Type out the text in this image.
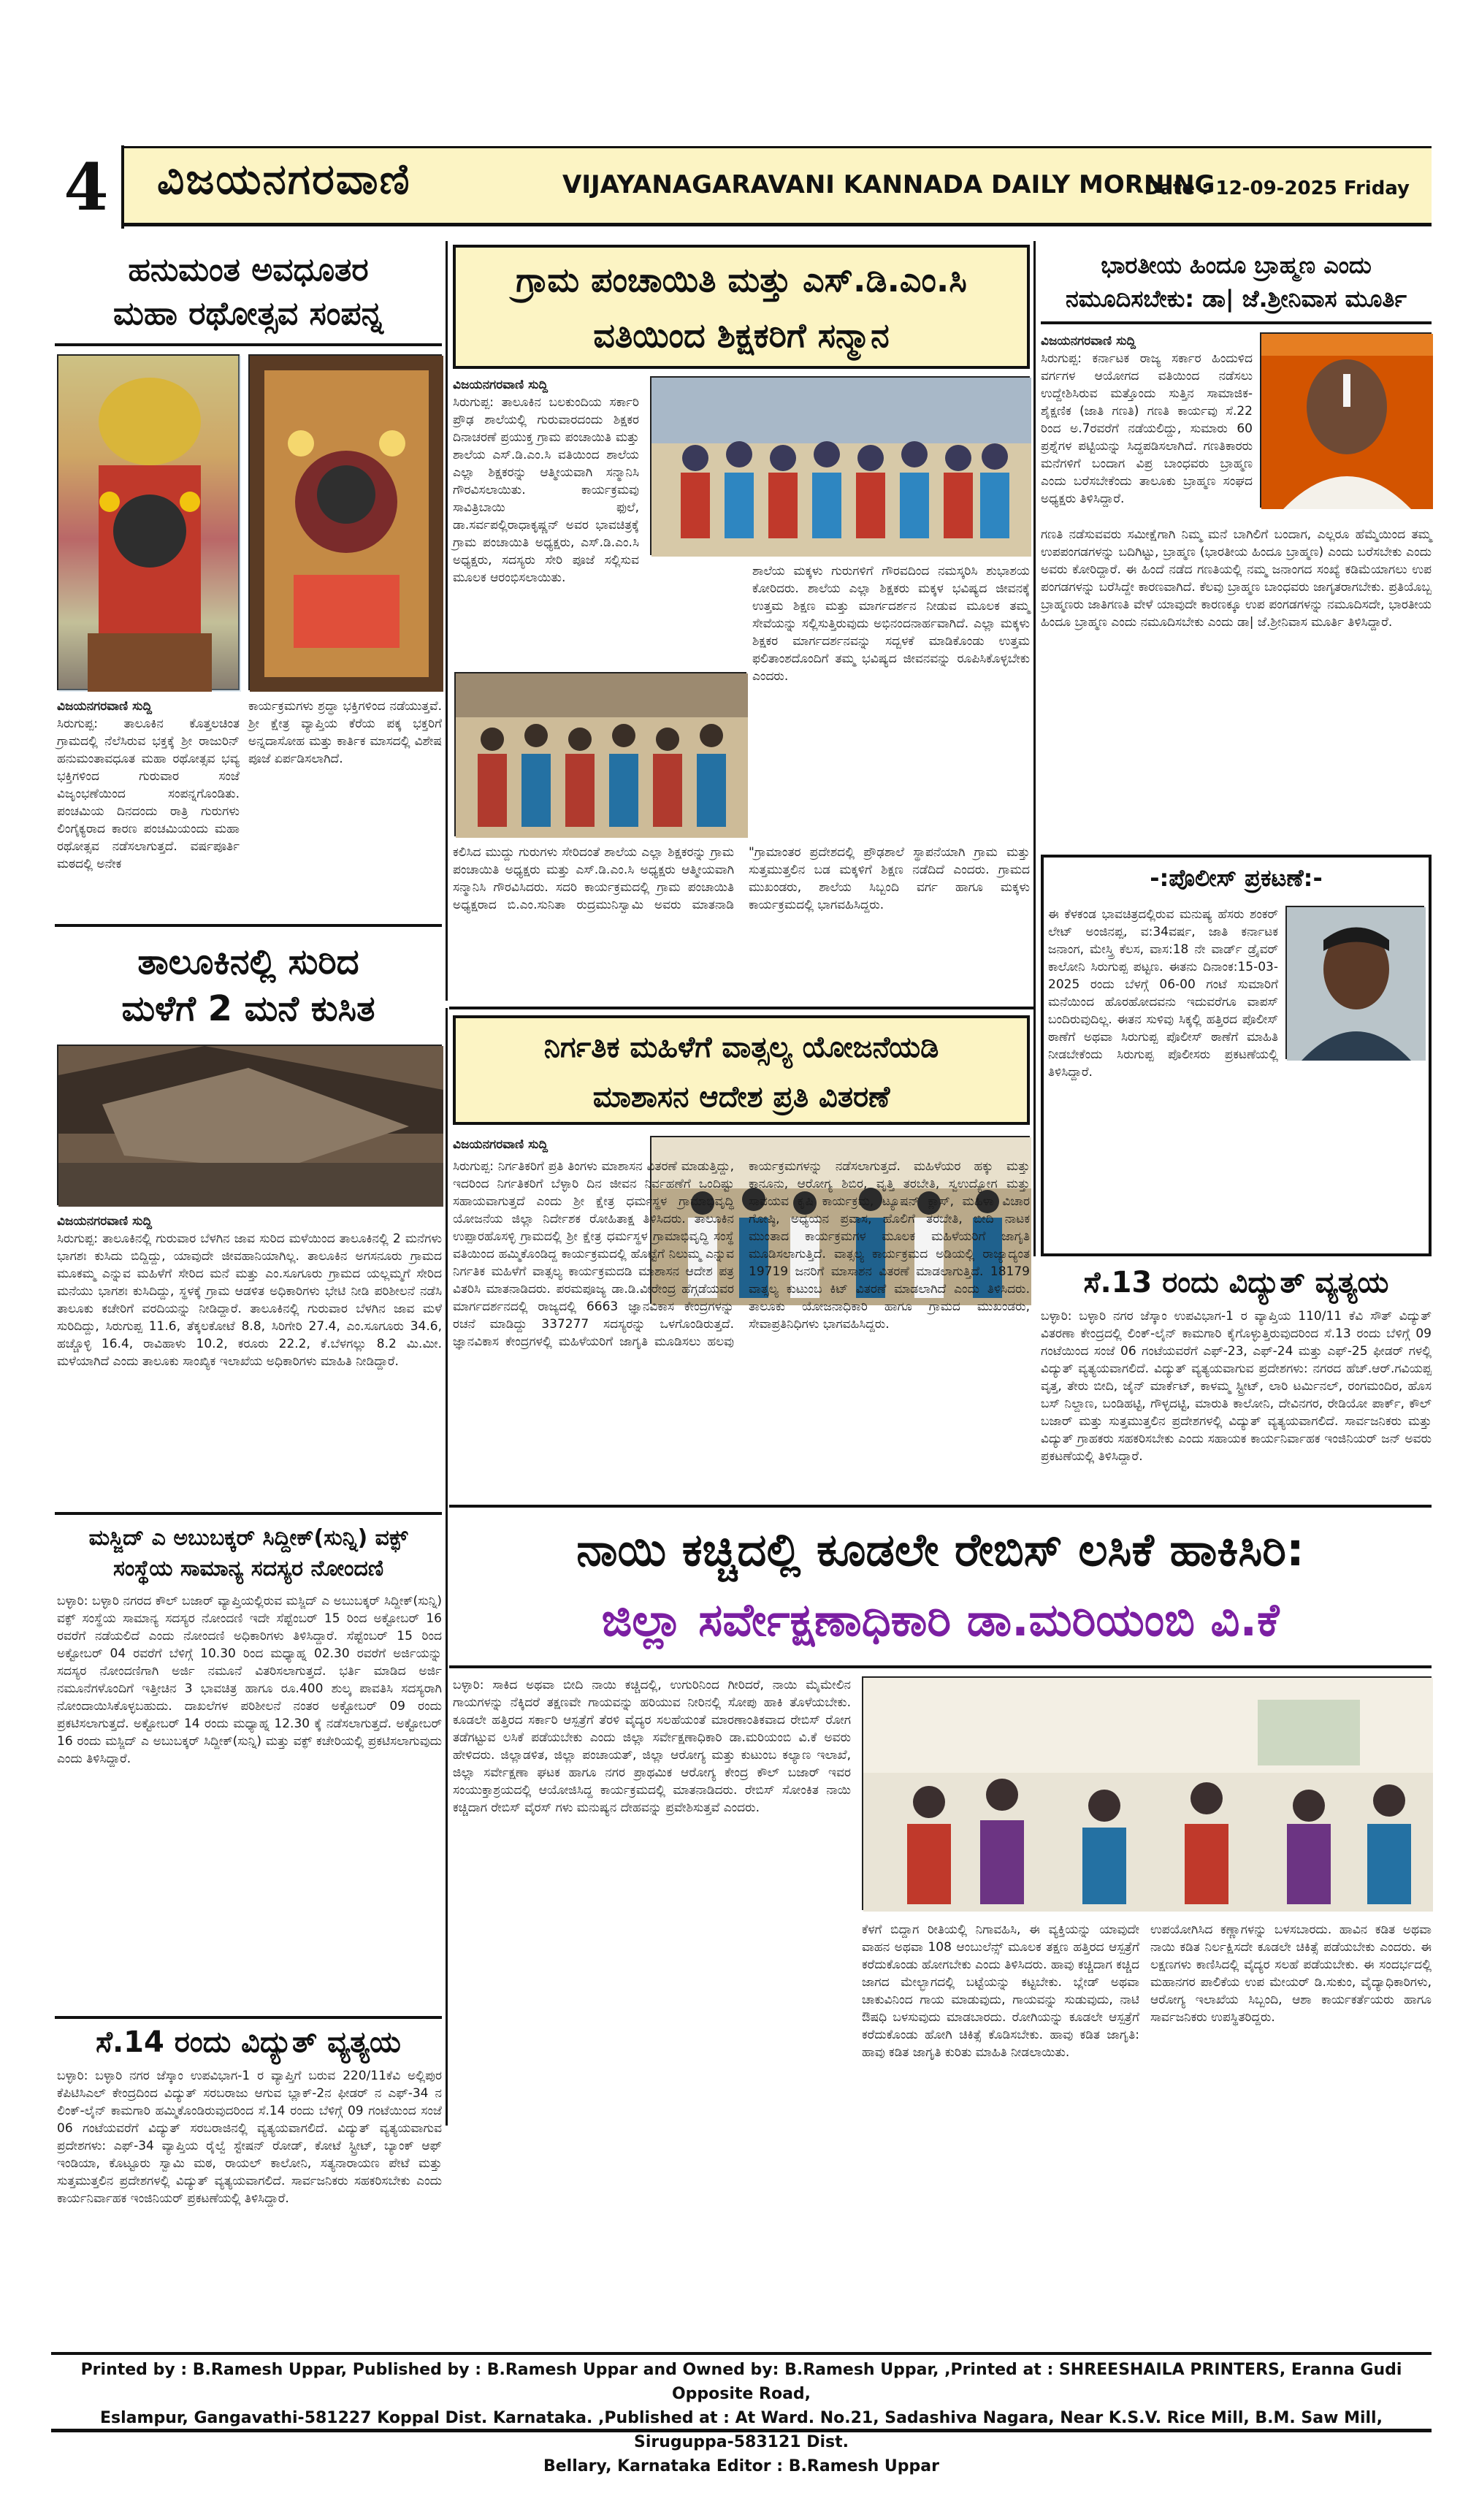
4	ವಿಜಯನಗರವಾಣಿ	VIJAYANAGARAVANI KANNADA DAILY MORNING
Date : 12-09-2025 Friday
ಹನುಮಂತ ಅವಧೂತರ
ಮಹಾ ರಥೋತ್ಸವ ಸಂಪನ್ನ
ಕಾರ್ಯಕ್ರಮಗಳು ಶ್ರದ್ಧಾ ಭಕ್ತಿಗಳಿಂದ ನಡೆಯುತ್ತವೆ. ಶ್ರೀ ಕ್ಷೇತ್ರ ವ್ಯಾಪ್ತಿಯ ಕೆರೆಯ ಪಕ್ಕ ಭಕ್ತರಿಗೆ ಅನ್ನದಾಸೋಹ ಮತ್ತು ಕಾರ್ತಿಕ ಮಾಸದಲ್ಲಿ ವಿಶೇಷ ಪೂಜೆ ಏರ್ಪಡಿಸಲಾಗಿದೆ.
ವಿಜಯನಗರವಾಣಿ ಸುದ್ದಿ
ಸಿರುಗುಪ್ಪ: ತಾಲೂಕಿನ ಕೊತ್ತಲಚಿಂತ ಗ್ರಾಮದಲ್ಲಿ ನೆಲೆಸಿರುವ ಭಕ್ತಕ್ಕೆ ಶ್ರೀ ರಾಜುರಿನ್ ಹನುಮಂತಾವಧೂತ ಮಹಾ ರಥೋತ್ಸವ ಭವ್ಯ ಭಕ್ತಿಗಳಿಂದ ಗುರುವಾರ ಸಂಜೆ ವಿಜೃಂಭಣೆಯಿಂದ ಸಂಪನ್ನಗೊಂಡಿತು. ಪಂಚಮಿಯ ದಿನದಂದು ರಾತ್ರಿ ಗುರುಗಳು ಲಿಂಗೈಕ್ಯರಾದ ಕಾರಣ ಪಂಚಮಿಯಂದು ಮಹಾ ರಥೋತ್ಸವ ನಡೆಸಲಾಗುತ್ತದೆ. ವರ್ಷಪೂರ್ತಿ ಮಠದಲ್ಲಿ ಅನೇಕ
ತಾಲೂಕಿನಲ್ಲಿ ಸುರಿದ
ಮಳೆಗೆ 2 ಮನೆ ಕುಸಿತ
ವಿಜಯನಗರವಾಣಿ ಸುದ್ದಿ
ಸಿರುಗುಪ್ಪ: ತಾಲೂಕಿನಲ್ಲಿ ಗುರುವಾರ ಬೆಳಗಿನ ಜಾವ ಸುರಿದ ಮಳೆಯಿಂದ ತಾಲೂಕಿನಲ್ಲಿ 2 ಮನೆಗಳು ಭಾಗಶಃ ಕುಸಿದು ಬಿದ್ದಿದ್ದು, ಯಾವುದೇ ಜೀವಹಾನಿಯಾಗಿಲ್ಲ. ತಾಲೂಕಿನ ಅಗಸನೂರು ಗ್ರಾಮದ ಮೂಕಮ್ಮ ಎನ್ನುವ ಮಹಿಳೆಗೆ ಸೇರಿದ ಮನೆ ಮತ್ತು ಎಂ.ಸೂಗೂರು ಗ್ರಾಮದ ಯಲ್ಲಮ್ಮಗೆ ಸೇರಿದ ಮನೆಯು ಭಾಗಶಃ ಕುಸಿದಿದ್ದು, ಸ್ಥಳಕ್ಕೆ ಗ್ರಾಮ ಆಡಳಿತ ಅಧಿಕಾರಿಗಳು ಭೇಟಿ ನೀಡಿ ಪರಿಶೀಲನೆ ನಡೆಸಿ ತಾಲೂಕು ಕಚೇರಿಗೆ ವರದಿಯನ್ನು ನೀಡಿದ್ದಾರೆ. ತಾಲೂಕಿನಲ್ಲಿ ಗುರುವಾರ ಬೆಳಗಿನ ಜಾವ ಮಳೆ ಸುರಿದಿದ್ದು, ಸಿರುಗುಪ್ಪ 11.6, ತೆಕ್ಕಲಕೋಟೆ 8.8, ಸಿರಿಗೇರಿ 27.4, ಎಂ.ಸೂಗೂರು 34.6, ಹಚ್ಚೊಳ್ಳಿ 16.4, ರಾವಿಹಾಳು 10.2, ಕರೂರು 22.2, ಕೆ.ಬೆಳಗಲ್ಲು 8.2 ಮಿ.ಮೀ. ಮಳೆಯಾಗಿದೆ ಎಂದು ತಾಲೂಕು ಸಾಂಖ್ಯಿಕ ಇಲಾಖೆಯ ಅಧಿಕಾರಿಗಳು ಮಾಹಿತಿ ನೀಡಿದ್ದಾರೆ.
ಮಸ್ಜಿದ್ ಎ ಅಬುಬಕ್ಕರ್ ಸಿದ್ದೀಕ್(ಸುನ್ನಿ) ವಕ್ಫ್
ಸಂಸ್ಥೆಯ ಸಾಮಾನ್ಯ ಸದಸ್ಯರ ನೋಂದಣಿ
ಬಳ್ಳಾರಿ: ಬಳ್ಳಾರಿ ನಗರದ ಕೌಲ್ ಬಜಾರ್ ವ್ಯಾಪ್ತಿಯಲ್ಲಿರುವ ಮಸ್ಜಿದ್ ಎ ಅಬುಬಕ್ಕರ್ ಸಿದ್ದೀಕ್(ಸುನ್ನಿ) ವಕ್ಫ್ ಸಂಸ್ಥೆಯ ಸಾಮಾನ್ಯ ಸದಸ್ಯರ ನೋಂದಣಿ ಇದೇ ಸೆಪ್ಟೆಂಬರ್ 15 ರಿಂದ ಅಕ್ಟೋಬರ್ 16 ರವರೆಗೆ ನಡೆಯಲಿದೆ ಎಂದು ನೋಂದಣಿ ಅಧಿಕಾರಿಗಳು ತಿಳಿಸಿದ್ದಾರೆ. ಸೆಪ್ಟೆಂಬರ್ 15 ರಿಂದ ಅಕ್ಟೋಬರ್ 04 ರವರೆಗೆ ಬೆಳಿಗ್ಗೆ 10.30 ರಿಂದ ಮಧ್ಯಾಹ್ನ 02.30 ರವರೆಗೆ ಅರ್ಜಿಯನ್ನು ಸದಸ್ಯರ ನೋಂದಣಿಗಾಗಿ ಅರ್ಜಿ ನಮೂನೆ ವಿತರಿಸಲಾಗುತ್ತದೆ. ಭರ್ತಿ ಮಾಡಿದ ಅರ್ಜಿ ನಮೂನೆಗಳೊಂದಿಗೆ ಇತ್ತೀಚಿನ 3 ಭಾವಚಿತ್ರ ಹಾಗೂ ರೂ.400 ಶುಲ್ಕ ಪಾವತಿಸಿ ಸದಸ್ಯರಾಗಿ ನೋಂದಾಯಿಸಿಕೊಳ್ಳಬಹುದು. ದಾಖಲೆಗಳ ಪರಿಶೀಲನೆ ನಂತರ ಅಕ್ಟೋಬರ್ 09 ರಂದು ಪ್ರಕಟಿಸಲಾಗುತ್ತದೆ. ಅಕ್ಟೋಬರ್ 14 ರಂದು ಮಧ್ಯಾಹ್ನ 12.30 ಕ್ಕೆ ನಡೆಸಲಾಗುತ್ತದೆ. ಅಕ್ಟೋಬರ್ 16 ರಂದು ಮಸ್ಜಿದ್ ಎ ಅಬುಬಕ್ಕರ್ ಸಿದ್ದೀಕ್(ಸುನ್ನಿ) ಮತ್ತು ವಕ್ಫ್ ಕಚೇರಿಯಲ್ಲಿ ಪ್ರಕಟಿಸಲಾಗುವುದು ಎಂದು ತಿಳಿಸಿದ್ದಾರೆ.
ಸೆ.14 ರಂದು ವಿದ್ಯುತ್ ವ್ಯತ್ಯಯ
ಬಳ್ಳಾರಿ: ಬಳ್ಳಾರಿ ನಗರ ಜೆಸ್ಕಾಂ ಉಪವಿಭಾಗ-1 ರ ವ್ಯಾಪ್ತಿಗೆ ಬರುವ 220/11ಕೆವಿ ಅಲ್ಲಿಪುರ ಕೆಪಿಟಿಸಿಎಲ್ ಕೇಂದ್ರದಿಂದ ವಿದ್ಯುತ್ ಸರಬರಾಜು ಆಗುವ ಬ್ಲಾಕ್-2ನ ಫೀಡರ್ ನ ಎಫ್-34 ನ ಲಿಂಕ್-ಲೈನ್ ಕಾಮಗಾರಿ ಹಮ್ಮಿಕೊಂಡಿರುವುದರಿಂದ ಸೆ.14 ರಂದು ಬೆಳಿಗ್ಗೆ 09 ಗಂಟೆಯಿಂದ ಸಂಜೆ 06 ಗಂಟೆಯವರೆಗೆ ವಿದ್ಯುತ್ ಸರಬರಾಜಿನಲ್ಲಿ ವ್ಯತ್ಯಯವಾಗಲಿದೆ. ವಿದ್ಯುತ್ ವ್ಯತ್ಯಯವಾಗುವ ಪ್ರದೇಶಗಳು: ಎಫ್-34 ವ್ಯಾಪ್ತಿಯ ರೈಲ್ವೆ ಸ್ಟೇಷನ್ ರೋಡ್, ಕೋಟೆ ಸ್ಟ್ರೀಟ್, ಬ್ಯಾಂಕ್ ಆಫ್ ಇಂಡಿಯಾ, ಕೊಟ್ಟೂರು ಸ್ವಾಮಿ ಮಠ, ರಾಯಲ್ ಕಾಲೋನಿ, ಸತ್ಯನಾರಾಯಣ ಪೇಟೆ ಮತ್ತು ಸುತ್ತಮುತ್ತಲಿನ ಪ್ರದೇಶಗಳಲ್ಲಿ ವಿದ್ಯುತ್ ವ್ಯತ್ಯಯವಾಗಲಿದೆ. ಸಾರ್ವಜನಿಕರು ಸಹಕರಿಸಬೇಕು ಎಂದು ಕಾರ್ಯನಿರ್ವಾಹಕ ಇಂಜಿನಿಯರ್ ಪ್ರಕಟಣೆಯಲ್ಲಿ ತಿಳಿಸಿದ್ದಾರೆ.
ಗ್ರಾಮ ಪಂಚಾಯಿತಿ ಮತ್ತು ಎಸ್.ಡಿ.ಎಂ.ಸಿ
ವತಿಯಿಂದ ಶಿಕ್ಷಕರಿಗೆ ಸನ್ಮಾನ
ವಿಜಯನಗರವಾಣಿ ಸುದ್ದಿ
ಸಿರುಗುಪ್ಪ: ತಾಲೂಕಿನ ಬಲಕುಂದಿಯ ಸರ್ಕಾರಿ ಪ್ರೌಢ ಶಾಲೆಯಲ್ಲಿ ಗುರುವಾರದಂದು ಶಿಕ್ಷಕರ ದಿನಾಚರಣೆ ಪ್ರಯುಕ್ತ ಗ್ರಾಮ ಪಂಚಾಯಿತಿ ಮತ್ತು ಶಾಲೆಯ ಎಸ್.ಡಿ.ಎಂ.ಸಿ ವತಿಯಿಂದ ಶಾಲೆಯ ಎಲ್ಲಾ ಶಿಕ್ಷಕರನ್ನು ಆತ್ಮೀಯವಾಗಿ ಸನ್ಮಾನಿಸಿ ಗೌರವಿಸಲಾಯಿತು. ಕಾರ್ಯಕ್ರಮವು ಸಾವಿತ್ರಿಬಾಯಿ ಫುಲೆ, ಡಾ.ಸರ್ವಪಲ್ಲಿರಾಧಾಕೃಷ್ಣನ್ ಅವರ ಭಾವಚಿತ್ರಕ್ಕೆ ಗ್ರಾಮ ಪಂಚಾಯಿತಿ ಅಧ್ಯಕ್ಷರು, ಎಸ್.ಡಿ.ಎಂ.ಸಿ ಅಧ್ಯಕ್ಷರು, ಸದಸ್ಯರು ಸೇರಿ ಪೂಜೆ ಸಲ್ಲಿಸುವ ಮೂಲಕ ಆರಂಭಿಸಲಾಯಿತು.	ಶಾಲೆಯ ಮಕ್ಕಳು ಗುರುಗಳಿಗೆ ಗೌರವದಿಂದ ನಮಸ್ಕರಿಸಿ ಶುಭಾಶಯ ಕೋರಿದರು. ಶಾಲೆಯ ಎಲ್ಲಾ ಶಿಕ್ಷಕರು ಮಕ್ಕಳ ಭವಿಷ್ಯದ ಜೀವನಕ್ಕೆ ಉತ್ತಮ ಶಿಕ್ಷಣ ಮತ್ತು ಮಾರ್ಗದರ್ಶನ ನೀಡುವ ಮೂಲಕ ತಮ್ಮ ಸೇವೆಯನ್ನು ಸಲ್ಲಿಸುತ್ತಿರುವುದು ಅಭಿನಂದನಾರ್ಹವಾಗಿದೆ. ಎಲ್ಲಾ ಮಕ್ಕಳು ಶಿಕ್ಷಕರ ಮಾರ್ಗದರ್ಶನವನ್ನು ಸದ್ಬಳಕೆ ಮಾಡಿಕೊಂಡು ಉತ್ತಮ ಫಲಿತಾಂಶದೊಂದಿಗೆ ತಮ್ಮ ಭವಿಷ್ಯದ ಜೀವನವನ್ನು ರೂಪಿಸಿಕೊಳ್ಳಬೇಕು ಎಂದರು.
ಕಲಿಸಿದ ಮುದ್ದು ಗುರುಗಳು ಸೇರಿದಂತೆ ಶಾಲೆಯ ಎಲ್ಲಾ ಶಿಕ್ಷಕರನ್ನು ಗ್ರಾಮ ಪಂಚಾಯಿತಿ ಅಧ್ಯಕ್ಷರು ಮತ್ತು ಎಸ್.ಡಿ.ಎಂ.ಸಿ ಅಧ್ಯಕ್ಷರು ಆತ್ಮೀಯವಾಗಿ ಸನ್ಮಾನಿಸಿ ಗೌರವಿಸಿದರು. ಸದರಿ ಕಾರ್ಯಕ್ರಮದಲ್ಲಿ ಗ್ರಾಮ ಪಂಚಾಯಿತಿ ಅಧ್ಯಕ್ಷರಾದ ಬಿ.ಎಂ.ಸುನಿತಾ ರುದ್ರಮುನಿಸ್ವಾಮಿ ಅವರು ಮಾತನಾಡಿ "ಗ್ರಾಮಾಂತರ ಪ್ರದೇಶದಲ್ಲಿ ಪ್ರೌಢಶಾಲೆ ಸ್ಥಾಪನೆಯಾಗಿ ಗ್ರಾಮ ಮತ್ತು ಸುತ್ತಮುತ್ತಲಿನ ಬಡ ಮಕ್ಕಳಿಗೆ ಶಿಕ್ಷಣ ನಡೆದಿದೆ ಎಂದರು. ಗ್ರಾಮದ ಮುಖಂಡರು, ಶಾಲೆಯ ಸಿಬ್ಬಂದಿ ವರ್ಗ ಹಾಗೂ ಮಕ್ಕಳು ಕಾರ್ಯಕ್ರಮದಲ್ಲಿ ಭಾಗವಹಿಸಿದ್ದರು.
ನಿರ್ಗತಿಕ ಮಹಿಳೆಗೆ ವಾತ್ಸಲ್ಯ ಯೋಜನೆಯಡಿ
ಮಾಶಾಸನ ಆದೇಶ ಪ್ರತಿ ವಿತರಣೆ
ವಿಜಯನಗರವಾಣಿ ಸುದ್ದಿ
ಸಿರುಗುಪ್ಪ: ನಿರ್ಗತಿಕರಿಗೆ ಪ್ರತಿ ತಿಂಗಳು ಮಾಶಾಸನ ವಿತರಣೆ ಮಾಡುತ್ತಿದ್ದು, ಇದರಿಂದ ನಿರ್ಗತಿಕರಿಗೆ ಬೆಳ್ಳಾರಿ ದಿನ ಜೀವನ ನಿರ್ವಹಣೆಗೆ ಒಂದಿಷ್ಟು ಸಹಾಯವಾಗುತ್ತದೆ ಎಂದು ಶ್ರೀ ಕ್ಷೇತ್ರ ಧರ್ಮಸ್ಥಳ ಗ್ರಾಮಾಭಿವೃದ್ಧಿ ಯೋಜನೆಯ ಜಿಲ್ಲಾ ನಿರ್ದೇಶಕ ರೋಹಿತಾಕ್ಷ ತಿಳಿಸಿದರು. ತಾಲೂಕಿನ ಉಪ್ಪಾರಹೊಸಳ್ಳಿ ಗ್ರಾಮದಲ್ಲಿ ಶ್ರೀ ಕ್ಷೇತ್ರ ಧರ್ಮಸ್ಥಳ ಗ್ರಾಮಾಭಿವೃದ್ಧಿ ಸಂಸ್ಥೆ ವತಿಯಿಂದ ಹಮ್ಮಿಕೊಂಡಿದ್ದ ಕಾರ್ಯಕ್ರಮದಲ್ಲಿ ಹೊಟ್ಟೆಗೆ ನಿಲುಮ್ಮ ಎನ್ನುವ ನಿರ್ಗತಿಕ ಮಹಿಳೆಗೆ ವಾತ್ಸಲ್ಯ ಕಾರ್ಯಕ್ರಮದಡಿ ಮಾಶಾಸನ ಆದೇಶ ಪತ್ರ ವಿತರಿಸಿ ಮಾತನಾಡಿದರು. ಪರಮಪೂಜ್ಯ ಡಾ.ಡಿ.ವೀರೇಂದ್ರ ಹೆಗ್ಗಡೆಯವರ ಮಾರ್ಗದರ್ಶನದಲ್ಲಿ ರಾಜ್ಯದಲ್ಲಿ 6663 ಜ್ಞಾನವಿಕಾಸ ಕೇಂದ್ರಗಳನ್ನು ರಚನೆ ಮಾಡಿದ್ದು 337277 ಸದಸ್ಯರನ್ನು ಒಳಗೊಂಡಿರುತ್ತದೆ. ಜ್ಞಾನವಿಕಾಸ ಕೇಂದ್ರಗಳಲ್ಲಿ ಮಹಿಳೆಯರಿಗೆ ಜಾಗೃತಿ ಮೂಡಿಸಲು ಹಲವು ಕಾರ್ಯಕ್ರಮಗಳನ್ನು ನಡೆಸಲಾಗುತ್ತದೆ. ಮಹಿಳೆಯರ ಹಕ್ಕು ಮತ್ತು ಕಾನೂನು, ಆರೋಗ್ಯ ಶಿಬಿರ, ವೃತ್ತಿ ತರಬೇತಿ, ಸ್ವಉದ್ಯೋಗ ಮತ್ತು ಸಾವಯವ ಕೃಷಿ ಕಾರ್ಯಕ್ರಮ, ಟ್ಯೂಷನ್ ಕ್ಲಾಸ್, ಮಹಿಳಾ ವಿಚಾರ ಗೋಷ್ಠಿ, ಅಧ್ಯಯನ ಪ್ರವಾಸ, ಹೊಲಿಗೆ ತರಬೇತಿ, ಬೀದಿ ನಾಟಕ ಮುಂತಾದ ಕಾರ್ಯಕ್ರಮಗಳ ಮೂಲಕ ಮಹಿಳೆಯರಿಗೆ ಜಾಗೃತಿ ಮೂಡಿಸಲಾಗುತ್ತಿದೆ. ವಾತ್ಸಲ್ಯ ಕಾರ್ಯಕ್ರಮದ ಅಡಿಯಲ್ಲಿ ರಾಜ್ಯಾದ್ಯಂತ 19719 ಜನರಿಗೆ ಮಾಸಾಶನ ವಿತರಣೆ ಮಾಡಲಾಗುತ್ತಿದೆ. 18179 ವಾತ್ಸಲ್ಯ ಕುಟುಂಬ ಕಿಟ್ ವಿತರಣೆ ಮಾಡಲಾಗಿದೆ ಎಂದು ತಿಳಿಸಿದರು. ತಾಲೂಕು ಯೋಜನಾಧಿಕಾರಿ ಹಾಗೂ ಗ್ರಾಮದ ಮುಖಂಡರು, ಸೇವಾಪ್ರತಿನಿಧಿಗಳು ಭಾಗವಹಿಸಿದ್ದರು.
ಭಾರತೀಯ ಹಿಂದೂ ಬ್ರಾಹ್ಮಣ ಎಂದು
ನಮೂದಿಸಬೇಕು: ಡಾ| ಜೆ.ಶ್ರೀನಿವಾಸ ಮೂರ್ತಿ
ವಿಜಯನಗರವಾಣಿ ಸುದ್ದಿ
ಸಿರುಗುಪ್ಪ: ಕರ್ನಾಟಕ ರಾಜ್ಯ ಸರ್ಕಾರ ಹಿಂದುಳಿದ ವರ್ಗಗಳ ಆಯೋಗದ ವತಿಯಿಂದ ನಡೆಸಲು ಉದ್ದೇಶಿಸಿರುವ ಮತ್ತೊಂದು ಸುತ್ತಿನ ಸಾಮಾಜಿಕ-ಶೈಕ್ಷಣಿಕ (ಜಾತಿ ಗಣತಿ) ಗಣತಿ ಕಾರ್ಯವು ಸೆ.22 ರಿಂದ ಅ.7ರವರೆಗೆ ನಡೆಯಲಿದ್ದು, ಸುಮಾರು 60 ಪ್ರಶ್ನೆಗಳ ಪಟ್ಟಿಯನ್ನು ಸಿದ್ಧಪಡಿಸಲಾಗಿದೆ. ಗಣತಿಕಾರರು ಮನೆಗಳಿಗೆ ಬಂದಾಗ ವಿಪ್ರ ಬಾಂಧವರು ಬ್ರಾಹ್ಮಣ ಎಂದು ಬರೆಸಬೇಕೆಂದು ತಾಲೂಕು ಬ್ರಾಹ್ಮಣ ಸಂಘದ ಅಧ್ಯಕ್ಷರು ತಿಳಿಸಿದ್ದಾರೆ.
ಗಣತಿ ನಡೆಸುವವರು ಸಮೀಕ್ಷೆಗಾಗಿ ನಿಮ್ಮ ಮನೆ ಬಾಗಿಲಿಗೆ ಬಂದಾಗ, ಎಲ್ಲರೂ ಹೆಮ್ಮೆಯಿಂದ ತಮ್ಮ ಉಪಪಂಗಡಗಳನ್ನು ಬದಿಗಿಟ್ಟು, ಬ್ರಾಹ್ಮಣ (ಭಾರತೀಯ ಹಿಂದೂ ಬ್ರಾಹ್ಮಣ) ಎಂದು ಬರೆಸಬೇಕು ಎಂದು ಅವರು ಕೋರಿದ್ದಾರೆ. ಈ ಹಿಂದೆ ನಡೆದ ಗಣತಿಯಲ್ಲಿ ನಮ್ಮ ಜನಾಂಗದ ಸಂಖ್ಯೆ ಕಡಿಮೆಯಾಗಲು ಉಪ ಪಂಗಡಗಳನ್ನು ಬರೆಸಿದ್ದೇ ಕಾರಣವಾಗಿದೆ. ಕೆಲವು ಬ್ರಾಹ್ಮಣ ಬಾಂಧವರು ಜಾಗೃತರಾಗಬೇಕು. ಪ್ರತಿಯೊಬ್ಬ ಬ್ರಾಹ್ಮಣರು ಜಾತಿಗಣತಿ ವೇಳೆ ಯಾವುದೇ ಕಾರಣಕ್ಕೂ ಉಪ ಪಂಗಡಗಳನ್ನು ನಮೂದಿಸದೇ, ಭಾರತೀಯ ಹಿಂದೂ ಬ್ರಾಹ್ಮಣ ಎಂದು ನಮೂದಿಸಬೇಕು ಎಂದು ಡಾ| ಜೆ.ಶ್ರೀನಿವಾಸ ಮೂರ್ತಿ ತಿಳಿಸಿದ್ದಾರೆ.
-:ಪೊಲೀಸ್ ಪ್ರಕಟಣೆ:-
ಈ ಕೆಳಕಂಡ ಭಾವಚಿತ್ರದಲ್ಲಿರುವ ಮನುಷ್ಯ ಹೆಸರು ಶಂಕರ್ ಲೇಟ್ ಅಂಜಿನಪ್ಪ, ವ:34ವರ್ಷ, ಜಾತಿ ಕರ್ನಾಟಕ ಜನಾಂಗ, ಮೇಸ್ತ್ರಿ ಕೆಲಸ, ವಾಸ:18 ನೇ ವಾರ್ಡ್ ಡ್ರೈವರ್ ಕಾಲೋನಿ ಸಿರುಗುಪ್ಪ ಪಟ್ಟಣ. ಈತನು ದಿನಾಂಕ:15-03-2025 ರಂದು ಬೆಳಗ್ಗೆ 06-00 ಗಂಟೆ ಸುಮಾರಿಗೆ ಮನೆಯಿಂದ ಹೊರಹೋದವನು ಇದುವರೆಗೂ ವಾಪಸ್ ಬಂದಿರುವುದಿಲ್ಲ. ಈತನ ಸುಳಿವು ಸಿಕ್ಕಲ್ಲಿ ಹತ್ತಿರದ ಪೊಲೀಸ್ ಠಾಣೆಗೆ ಅಥವಾ ಸಿರುಗುಪ್ಪ ಪೊಲೀಸ್ ಠಾಣೆಗೆ ಮಾಹಿತಿ ನೀಡಬೇಕೆಂದು ಸಿರುಗುಪ್ಪ ಪೊಲೀಸರು ಪ್ರಕಟಣೆಯಲ್ಲಿ ತಿಳಿಸಿದ್ದಾರೆ.
ಸೆ.13 ರಂದು ವಿದ್ಯುತ್ ವ್ಯತ್ಯಯ
ಬಳ್ಳಾರಿ: ಬಳ್ಳಾರಿ ನಗರ ಜೆಸ್ಕಾಂ ಉಪವಿಭಾಗ-1 ರ ವ್ಯಾಪ್ತಿಯ 110/11 ಕೆವಿ ಸೌತ್ ವಿದ್ಯುತ್ ವಿತರಣಾ ಕೇಂದ್ರದಲ್ಲಿ ಲಿಂಕ್-ಲೈನ್ ಕಾಮಗಾರಿ ಕೈಗೊಳ್ಳುತ್ತಿರುವುದರಿಂದ ಸೆ.13 ರಂದು ಬೆಳಿಗ್ಗೆ 09 ಗಂಟೆಯಿಂದ ಸಂಜೆ 06 ಗಂಟೆಯವರೆಗೆ ಎಫ್-23, ಎಫ್-24 ಮತ್ತು ಎಫ್-25 ಫೀಡರ್ ಗಳಲ್ಲಿ ವಿದ್ಯುತ್ ವ್ಯತ್ಯಯವಾಗಲಿದೆ. ವಿದ್ಯುತ್ ವ್ಯತ್ಯಯವಾಗುವ ಪ್ರದೇಶಗಳು: ನಗರದ ಹೆಚ್.ಆರ್.ಗವಿಯಪ್ಪ ವೃತ್ತ, ತೇರು ಬೀದಿ, ಜೈನ್ ಮಾರ್ಕೆಟ್, ಕಾಳಮ್ಮ ಸ್ಟ್ರೀಟ್, ಲಾರಿ ಟರ್ಮಿನಲ್, ರಂಗಮಂದಿರ, ಹೊಸ ಬಸ್ ನಿಲ್ದಾಣ, ಬಂಡಿಹಟ್ಟಿ, ಗೌಳ್ಳದಟ್ಟಿ, ಮಾರುತಿ ಕಾಲೋನಿ, ದೇವಿನಗರ, ರೇಡಿಯೋ ಪಾರ್ಕ್, ಕೌಲ್ ಬಜಾರ್ ಮತ್ತು ಸುತ್ತಮುತ್ತಲಿನ ಪ್ರದೇಶಗಳಲ್ಲಿ ವಿದ್ಯುತ್ ವ್ಯತ್ಯಯವಾಗಲಿದೆ. ಸಾರ್ವಜನಿಕರು ಮತ್ತು ವಿದ್ಯುತ್ ಗ್ರಾಹಕರು ಸಹಕರಿಸಬೇಕು ಎಂದು ಸಹಾಯಕ ಕಾರ್ಯನಿರ್ವಾಹಕ ಇಂಜಿನಿಯರ್ ಜನ್ ಅವರು ಪ್ರಕಟಣೆಯಲ್ಲಿ ತಿಳಿಸಿದ್ದಾರೆ.
ನಾಯಿ ಕಚ್ಚಿದಲ್ಲಿ ಕೂಡಲೇ ರೇಬಿಸ್ ಲಸಿಕೆ ಹಾಕಿಸಿರಿ:
ಜಿಲ್ಲಾ ಸರ್ವೇಕ್ಷಣಾಧಿಕಾರಿ ಡಾ.ಮರಿಯಂಬಿ ವಿ.ಕೆ
ಬಳ್ಳಾರಿ: ಸಾಕಿದ ಅಥವಾ ಬೀದಿ ನಾಯಿ ಕಚ್ಚಿದಲ್ಲಿ, ಉಗುರಿನಿಂದ ಗೀರಿದರೆ, ನಾಯಿ ಮೈಮೇಲಿನ ಗಾಯಗಳನ್ನು ನೆಕ್ಕಿದರೆ ತಕ್ಷಣವೇ ಗಾಯವನ್ನು ಹರಿಯುವ ನೀರಿನಲ್ಲಿ ಸೋಪು ಹಾಕಿ ತೊಳೆಯಬೇಕು. ಕೂಡಲೇ ಹತ್ತಿರದ ಸರ್ಕಾರಿ ಆಸ್ಪತ್ರೆಗೆ ತೆರಳಿ ವೈದ್ಯರ ಸಲಹೆಯಂತೆ ಮಾರಣಾಂತಿಕವಾದ ರೇಬಿಸ್ ರೋಗ ತಡೆಗಟ್ಟುವ ಲಸಿಕೆ ಪಡೆಯಬೇಕು ಎಂದು ಜಿಲ್ಲಾ ಸರ್ವೇಕ್ಷಣಾಧಿಕಾರಿ ಡಾ.ಮರಿಯಂಬಿ ವಿ.ಕೆ ಅವರು ಹೇಳಿದರು. ಜಿಲ್ಲಾಡಳಿತ, ಜಿಲ್ಲಾ ಪಂಚಾಯತ್, ಜಿಲ್ಲಾ ಆರೋಗ್ಯ ಮತ್ತು ಕುಟುಂಬ ಕಲ್ಯಾಣ ಇಲಾಖೆ, ಜಿಲ್ಲಾ ಸರ್ವೇಕ್ಷಣಾ ಘಟಕ ಹಾಗೂ ನಗರ ಪ್ರಾಥಮಿಕ ಆರೋಗ್ಯ ಕೇಂದ್ರ ಕೌಲ್ ಬಜಾರ್ ಇವರ ಸಂಯುಕ್ತಾಶ್ರಯದಲ್ಲಿ ಆಯೋಜಿಸಿದ್ದ ಕಾರ್ಯಕ್ರಮದಲ್ಲಿ ಮಾತನಾಡಿದರು. ರೇಬಿಸ್ ಸೋಂಕಿತ ನಾಯಿ ಕಚ್ಚಿದಾಗ ರೇಬಿಸ್ ವೈರಸ್ ಗಳು ಮನುಷ್ಯನ ದೇಹವನ್ನು ಪ್ರವೇಶಿಸುತ್ತವೆ ಎಂದರು.
ಕೆಳಗೆ ಬಿದ್ದಾಗ ರೀತಿಯಲ್ಲಿ ನಿಗಾವಹಿಸಿ, ಈ ವ್ಯಕ್ತಿಯನ್ನು ಯಾವುದೇ ವಾಹನ ಅಥವಾ 108 ಆಂಬುಲೆನ್ಸ್ ಮೂಲಕ ತಕ್ಷಣ ಹತ್ತಿರದ ಆಸ್ಪತ್ರೆಗೆ ಕರೆದುಕೊಂಡು ಹೋಗಬೇಕು ಎಂದು ತಿಳಿಸಿದರು. ಹಾವು ಕಚ್ಚಿದಾಗ ಕಚ್ಚಿದ ಜಾಗದ ಮೇಲ್ಭಾಗದಲ್ಲಿ ಬಟ್ಟೆಯನ್ನು ಕಟ್ಟಬೇಕು. ಬ್ಲೇಡ್ ಅಥವಾ ಚಾಕುವಿನಿಂದ ಗಾಯ ಮಾಡುವುದು, ಗಾಯವನ್ನು ಸುಡುವುದು, ನಾಟಿ ಔಷಧಿ ಬಳಸುವುದು ಮಾಡಬಾರದು. ರೋಗಿಯನ್ನು ಕೂಡಲೇ ಆಸ್ಪತ್ರೆಗೆ ಕರೆದುಕೊಂಡು ಹೋಗಿ ಚಿಕಿತ್ಸೆ ಕೊಡಿಸಬೇಕು. ಹಾವು ಕಡಿತ ಜಾಗೃತಿ: ಹಾವು ಕಡಿತ ಜಾಗೃತಿ ಕುರಿತು ಮಾಹಿತಿ ನೀಡಲಾಯಿತು.
ಉಪಯೋಗಿಸಿದ ಕಣ್ಣಾಗಳನ್ನು ಬಳಸಬಾರದು. ಹಾವಿನ ಕಡಿತ ಅಥವಾ ನಾಯಿ ಕಡಿತ ನಿರ್ಲಕ್ಷಿಸದೇ ಕೂಡಲೇ ಚಿಕಿತ್ಸೆ ಪಡೆಯಬೇಕು ಎಂದರು. ಈ ಲಕ್ಷಣಗಳು ಕಾಣಿಸಿದಲ್ಲಿ ವೈದ್ಯರ ಸಲಹೆ ಪಡೆಯಬೇಕು. ಈ ಸಂದರ್ಭದಲ್ಲಿ ಮಹಾನಗರ ಪಾಲಿಕೆಯ ಉಪ ಮೇಯರ್ ಡಿ.ಸುಕುಂ, ವೈದ್ಯಾಧಿಕಾರಿಗಳು, ಆರೋಗ್ಯ ಇಲಾಖೆಯ ಸಿಬ್ಬಂದಿ, ಆಶಾ ಕಾರ್ಯಕರ್ತೆಯರು ಹಾಗೂ ಸಾರ್ವಜನಿಕರು ಉಪಸ್ಥಿತರಿದ್ದರು.
Printed by : B.Ramesh Uppar, Published by : B.Ramesh Uppar and Owned by: B.Ramesh Uppar, ,Printed at : SHREESHAILA PRINTERS, Eranna Gudi Opposite Road,
Eslampur, Gangavathi-581227 Koppal Dist. Karnataka. ,Published at : At Ward. No.21, Sadashiva Nagara, Near K.S.V. Rice Mill, B.M. Saw Mill, Siruguppa-583121 Dist.
Bellary, Karnataka Editor : B.Ramesh Uppar
